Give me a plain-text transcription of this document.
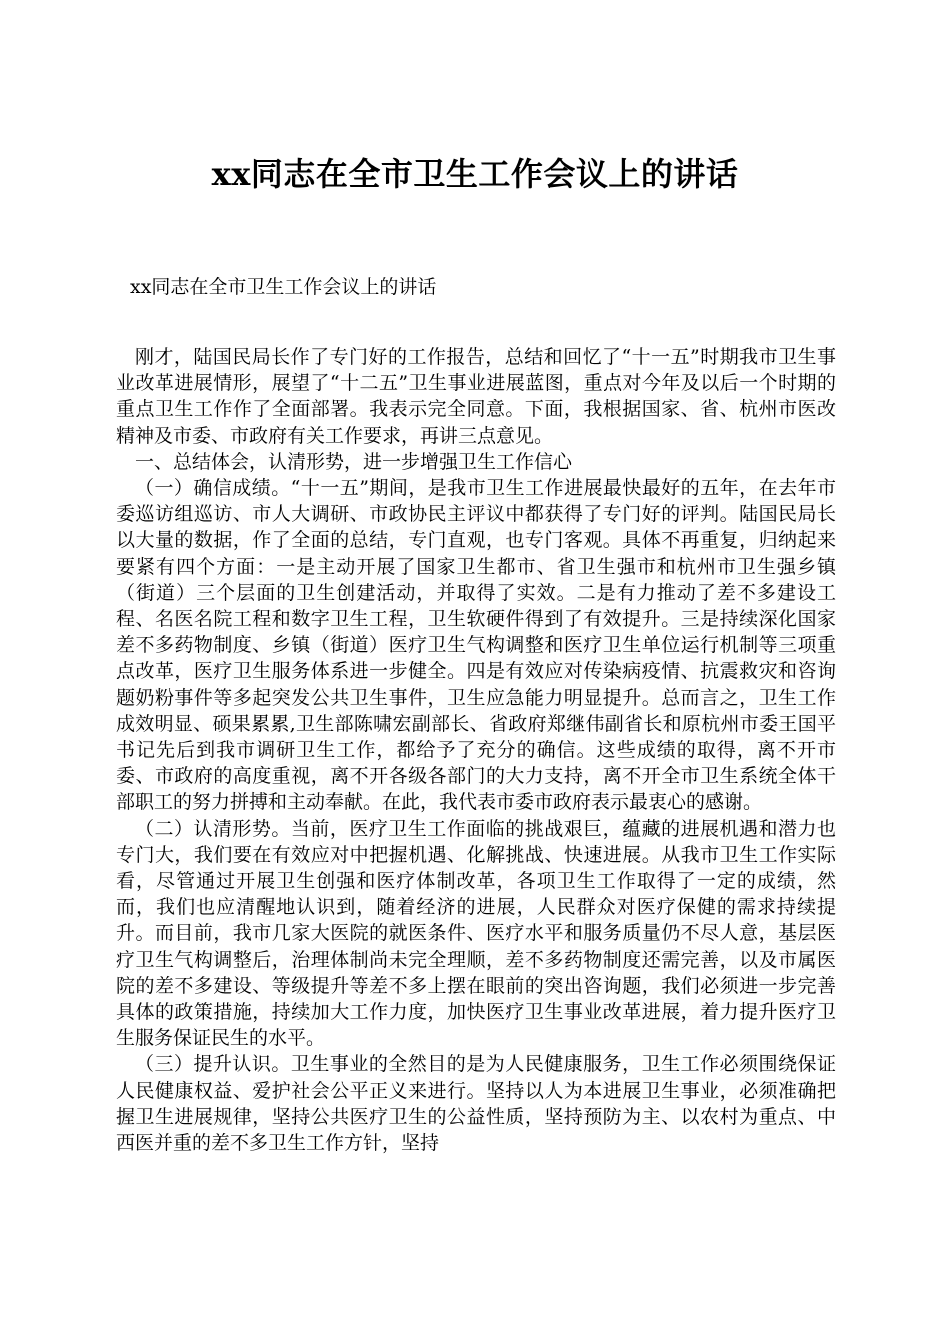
xx同志在全市卫生工作会议上的讲话
xx同志在全市卫生工作会议上的讲话

刚才，陆国民局长作了专门好的工作报告，总结和回忆了“十一五”时期我市卫生事业改革进展情形，展望了“十二五”卫生事业进展蓝图，重点对今年及以后一个时期的重点卫生工作作了全面部署。我表示完全同意。下面，我根据国家、省、杭州市医改精神及市委、市政府有关工作要求，再讲三点意见。

一、总结体会，认清形势，进一步增强卫生工作信心

（一）确信成绩。“十一五”期间，是我市卫生工作进展最快最好的五年，在去年市委巡访组巡访、市人大调研、市政协民主评议中都获得了专门好的评判。陆国民局长以大量的数据，作了全面的总结，专门直观，也专门客观。具体不再重复，归纳起来要紧有四个方面：一是主动开展了国家卫生都市、省卫生强市和杭州市卫生强乡镇（街道）三个层面的卫生创建活动，并取得了实效。二是有力推动了差不多建设工程、名医名院工程和数字卫生工程，卫生软硬件得到了有效提升。三是持续深化国家差不多药物制度、乡镇（街道）医疗卫生气构调整和医疗卫生单位运行机制等三项重点改革，医疗卫生服务体系进一步健全。四是有效应对传染病疫情、抗震救灾和咨询题奶粉事件等多起突发公共卫生事件，卫生应急能力明显提升。总而言之，卫生工作成效明显、硕果累累,卫生部陈啸宏副部长、省政府郑继伟副省长和原杭州市委王国平书记先后到我市调研卫生工作，都给予了充分的确信。这些成绩的取得，离不开市委、市政府的高度重视，离不开各级各部门的大力支持，离不开全市卫生系统全体干部职工的努力拼搏和主动奉献。在此，我代表市委市政府表示最衷心的感谢。

（二）认清形势。当前，医疗卫生工作面临的挑战艰巨，蕴藏的进展机遇和潜力也专门大，我们要在有效应对中把握机遇、化解挑战、快速进展。从我市卫生工作实际看，尽管通过开展卫生创强和医疗体制改革，各项卫生工作取得了一定的成绩，然而，我们也应清醒地认识到，随着经济的进展，人民群众对医疗保健的需求持续提升。而目前，我市几家大医院的就医条件、医疗水平和服务质量仍不尽人意，基层医疗卫生气构调整后，治理体制尚未完全理顺，差不多药物制度还需完善，以及市属医院的差不多建设、等级提升等差不多上摆在眼前的突出咨询题，我们必须进一步完善具体的政策措施，持续加大工作力度，加快医疗卫生事业改革进展，着力提升医疗卫生服务保证民生的水平。

（三）提升认识。卫生事业的全然目的是为人民健康服务，卫生工作必须围绕保证人民健康权益、爱护社会公平正义来进行。坚持以人为本进展卫生事业，必须准确把握卫生进展规律，坚持公共医疗卫生的公益性质，坚持预防为主、以农村为重点、中西医并重的差不多卫生工作方针，坚持
